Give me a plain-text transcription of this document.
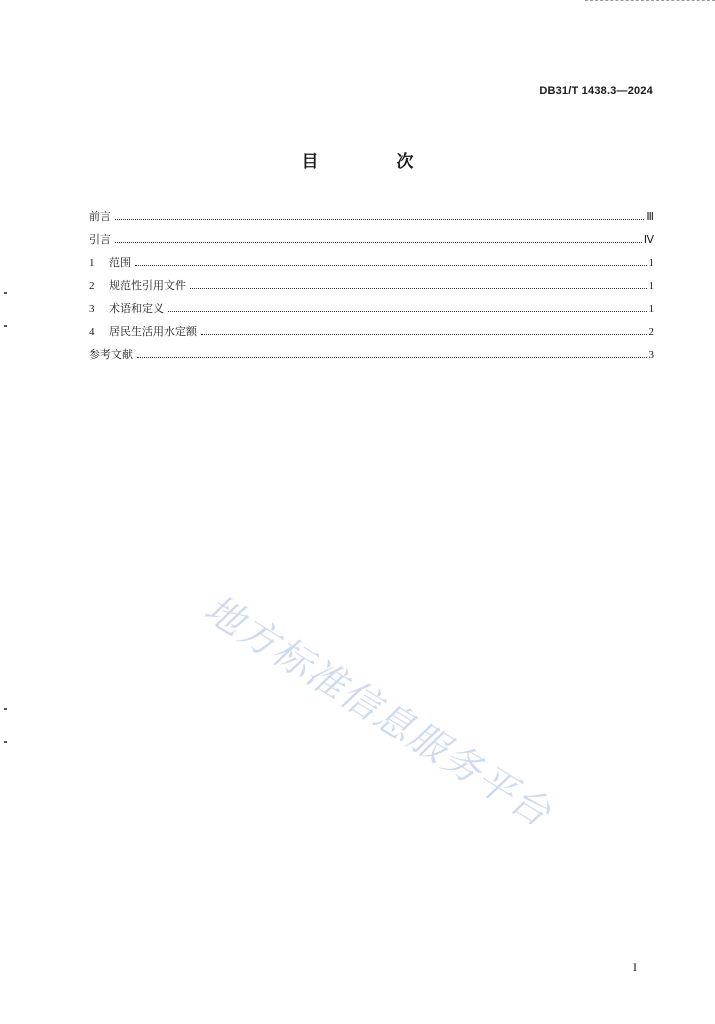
DB31/T 1438.3—2024
目 次
前言	Ⅲ
引言	Ⅳ
1	范围	1
2	规范性引用文件	1
3	术语和定义	1
4	居民生活用水定额	2
参考文献	3
地方标准信息服务平台
I
